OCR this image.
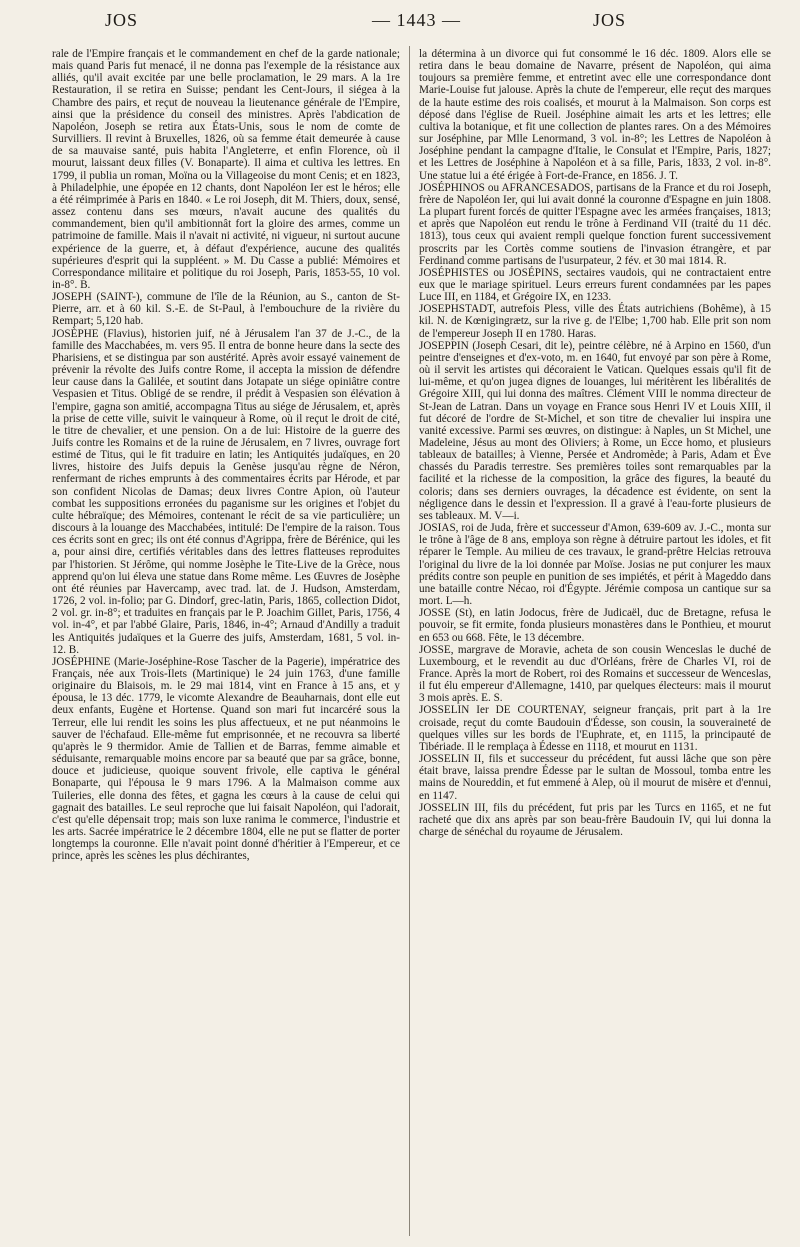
JOS	— 1443 —	JOS

rale de l'Empire français et le commandement en chef de la garde nationale; mais quand Paris fut menacé, il ne donna pas l'exemple de la résistance aux alliés, qu'il avait excitée par une belle proclamation, le 29 mars. A la 1re Restauration, il se retira en Suisse; pendant les Cent-Jours, il siégea à la Chambre des pairs, et reçut de nouveau la lieutenance générale de l'Empire, ainsi que la présidence du conseil des ministres. Après l'abdication de Napoléon, Joseph se retira aux États-Unis, sous le nom de comte de Survilliers. Il revint à Bruxelles, 1826, où sa femme était demeurée à cause de sa mauvaise santé, puis habita l'Angleterre, et enfin Florence, où il mourut, laissant deux filles (V. Bonaparte). Il aima et cultiva les lettres. En 1799, il publia un roman, Moïna ou la Villageoise du mont Cenis; et en 1823, à Philadelphie, une épopée en 12 chants, dont Napoléon Ier est le héros; elle a été réimprimée à Paris en 1840. « Le roi Joseph, dit M. Thiers, doux, sensé, assez contenu dans ses mœurs, n'avait aucune des qualités du commandement, bien qu'il ambitionnât fort la gloire des armes, comme un patrimoine de famille. Mais il n'avait ni activité, ni vigueur, ni surtout aucune expérience de la guerre, et, à défaut d'expérience, aucune des qualités supérieures d'esprit qui la suppléent. » M. Du Casse a publié: Mémoires et Correspondance militaire et politique du roi Joseph, Paris, 1853-55, 10 vol. in-8°. B.

JOSEPH (SAINT-), commune de l'île de la Réunion, au S., canton de St-Pierre, arr. et à 60 kil. S.-E. de St-Paul, à l'embouchure de la rivière du Rempart; 5,120 hab.

JOSÈPHE (Flavius), historien juif, né à Jérusalem l'an 37 de J.-C., de la famille des Macchabées, m. vers 95. Il entra de bonne heure dans la secte des Pharisiens, et se distingua par son austérité. Après avoir essayé vainement de prévenir la révolte des Juifs contre Rome, il accepta la mission de défendre leur cause dans la Galilée, et soutint dans Jotapate un siége opiniâtre contre Vespasien et Titus. Obligé de se rendre, il prédit à Vespasien son élévation à l'empire, gagna son amitié, accompagna Titus au siége de Jérusalem, et, après la prise de cette ville, suivit le vainqueur à Rome, où il reçut le droit de cité, le titre de chevalier, et une pension. On a de lui: Histoire de la guerre des Juifs contre les Romains et de la ruine de Jérusalem, en 7 livres, ouvrage fort estimé de Titus, qui le fit traduire en latin; les Antiquités judaïques, en 20 livres, histoire des Juifs depuis la Genèse jusqu'au règne de Néron, renfermant de riches emprunts à des commentaires écrits par Hérode, et par son confident Nicolas de Damas; deux livres Contre Apion, où l'auteur combat les suppositions erronées du paganisme sur les origines et l'objet du culte hébraïque; des Mémoires, contenant le récit de sa vie particulière; un discours à la louange des Macchabées, intitulé: De l'empire de la raison. Tous ces écrits sont en grec; ils ont été connus d'Agrippa, frère de Bérénice, qui les a, pour ainsi dire, certifiés véritables dans des lettres flatteuses reproduites par l'historien. St Jérôme, qui nomme Josèphe le Tite-Live de la Grèce, nous apprend qu'on lui éleva une statue dans Rome même. Les Œuvres de Josèphe ont été réunies par Havercamp, avec trad. lat. de J. Hudson, Amsterdam, 1726, 2 vol. in-folio; par G. Dindorf, grec-latin, Paris, 1865, collection Didot, 2 vol. gr. in-8°; et traduites en français par le P. Joachim Gillet, Paris, 1756, 4 vol. in-4°, et par l'abbé Glaire, Paris, 1846, in-4°; Arnaud d'Andilly a traduit les Antiquités judaïques et la Guerre des juifs, Amsterdam, 1681, 5 vol. in-12. B.

JOSÉPHINE (Marie-Joséphine-Rose Tascher de la Pagerie), impératrice des Français, née aux Trois-Ilets (Martinique) le 24 juin 1763, d'une famille originaire du Blaisois, m. le 29 mai 1814, vint en France à 15 ans, et y épousa, le 13 déc. 1779, le vicomte Alexandre de Beauharnais, dont elle eut deux enfants, Eugène et Hortense. Quand son mari fut incarcéré sous la Terreur, elle lui rendit les soins les plus affectueux, et ne put néanmoins le sauver de l'échafaud. Elle-même fut emprisonnée, et ne recouvra sa liberté qu'après le 9 thermidor. Amie de Tallien et de Barras, femme aimable et séduisante, remarquable moins encore par sa beauté que par sa grâce, bonne, douce et judicieuse, quoique souvent frivole, elle captiva le général Bonaparte, qui l'épousa le 9 mars 1796. A la Malmaison comme aux Tuileries, elle donna des fêtes, et gagna les cœurs à la cause de celui qui gagnait des batailles. Le seul reproche que lui faisait Napoléon, qui l'adorait, c'est qu'elle dépensait trop; mais son luxe ranima le commerce, l'industrie et les arts. Sacrée impératrice le 2 décembre 1804, elle ne put se flatter de porter longtemps la couronne. Elle n'avait point donné d'héritier à l'Empereur, et ce prince, après les scènes les plus déchirantes,

la détermina à un divorce qui fut consommé le 16 déc. 1809. Alors elle se retira dans le beau domaine de Navarre, présent de Napoléon, qui aima toujours sa première femme, et entretint avec elle une correspondance dont Marie-Louise fut jalouse. Après la chute de l'empereur, elle reçut des marques de la haute estime des rois coalisés, et mourut à la Malmaison. Son corps est déposé dans l'église de Rueil. Joséphine aimait les arts et les lettres; elle cultiva la botanique, et fit une collection de plantes rares. On a des Mémoires sur Joséphine, par Mlle Lenormand, 3 vol. in-8°; les Lettres de Napoléon à Joséphine pendant la campagne d'Italie, le Consulat et l'Empire, Paris, 1827; et les Lettres de Joséphine à Napoléon et à sa fille, Paris, 1833, 2 vol. in-8°. Une statue lui a été érigée à Fort-de-France, en 1856. J. T.

JOSÉPHINOS ou AFRANCESADOS, partisans de la France et du roi Joseph, frère de Napoléon Ier, qui lui avait donné la couronne d'Espagne en juin 1808. La plupart furent forcés de quitter l'Espagne avec les armées françaises, 1813; et après que Napoléon eut rendu le trône à Ferdinand VII (traité du 11 déc. 1813), tous ceux qui avaient rempli quelque fonction furent successivement proscrits par les Cortès comme soutiens de l'invasion étrangère, et par Ferdinand comme partisans de l'usurpateur, 2 fév. et 30 mai 1814. R.

JOSÉPHISTES ou JOSÉPINS, sectaires vaudois, qui ne contractaient entre eux que le mariage spirituel. Leurs erreurs furent condamnées par les papes Luce III, en 1184, et Grégoire IX, en 1233.

JOSEPHSTADT, autrefois Pless, ville des États autrichiens (Bohême), à 15 kil. N. de Kœnigingrætz, sur la rive g. de l'Elbe; 1,700 hab. Elle prit son nom de l'empereur Joseph II en 1780. Haras.

JOSEPPIN (Joseph Cesari, dit le), peintre célèbre, né à Arpino en 1560, d'un peintre d'enseignes et d'ex-voto, m. en 1640, fut envoyé par son père à Rome, où il servit les artistes qui décoraient le Vatican. Quelques essais qu'il fit de lui-même, et qu'on jugea dignes de louanges, lui méritèrent les libéralités de Grégoire XIII, qui lui donna des maîtres. Clément VIII le nomma directeur de St-Jean de Latran. Dans un voyage en France sous Henri IV et Louis XIII, il fut décoré de l'ordre de St-Michel, et son titre de chevalier lui inspira une vanité excessive. Parmi ses œuvres, on distingue: à Naples, un St Michel, une Madeleine, Jésus au mont des Oliviers; à Rome, un Ecce homo, et plusieurs tableaux de batailles; à Vienne, Persée et Andromède; à Paris, Adam et Ève chassés du Paradis terrestre. Ses premières toiles sont remarquables par la facilité et la richesse de la composition, la grâce des figures, la beauté du coloris; dans ses derniers ouvrages, la décadence est évidente, on sent la négligence dans le dessin et l'expression. Il a gravé à l'eau-forte plusieurs de ses tableaux. M. V—i.

JOSIAS, roi de Juda, frère et successeur d'Amon, 639-609 av. J.-C., monta sur le trône à l'âge de 8 ans, employa son règne à détruire partout les idoles, et fit réparer le Temple. Au milieu de ces travaux, le grand-prêtre Helcias retrouva l'original du livre de la loi donnée par Moïse. Josias ne put conjurer les maux prédits contre son peuple en punition de ses impiétés, et périt à Mageddo dans une bataille contre Nécao, roi d'Égypte. Jérémie composa un cantique sur sa mort. L—h.

JOSSE (St), en latin Jodocus, frère de Judicaël, duc de Bretagne, refusa le pouvoir, se fit ermite, fonda plusieurs monastères dans le Ponthieu, et mourut en 653 ou 668. Fête, le 13 décembre.

JOSSE, margrave de Moravie, acheta de son cousin Wenceslas le duché de Luxembourg, et le revendit au duc d'Orléans, frère de Charles VI, roi de France. Après la mort de Robert, roi des Romains et successeur de Wenceslas, il fut élu empereur d'Allemagne, 1410, par quelques électeurs: mais il mourut 3 mois après. E. S.

JOSSELIN Ier DE COURTENAY, seigneur français, prit part à la 1re croisade, reçut du comte Baudouin d'Édesse, son cousin, la souveraineté de quelques villes sur les bords de l'Euphrate, et, en 1115, la principauté de Tibériade. Il le remplaça à Édesse en 1118, et mourut en 1131.

JOSSELIN II, fils et successeur du précédent, fut aussi lâche que son père était brave, laissa prendre Édesse par le sultan de Mossoul, tomba entre les mains de Noureddin, et fut emmené à Alep, où il mourut de misère et d'ennui, en 1147.

JOSSELIN III, fils du précédent, fut pris par les Turcs en 1165, et ne fut racheté que dix ans après par son beau-frère Baudouin IV, qui lui donna la charge de sénéchal du royaume de Jérusalem.
